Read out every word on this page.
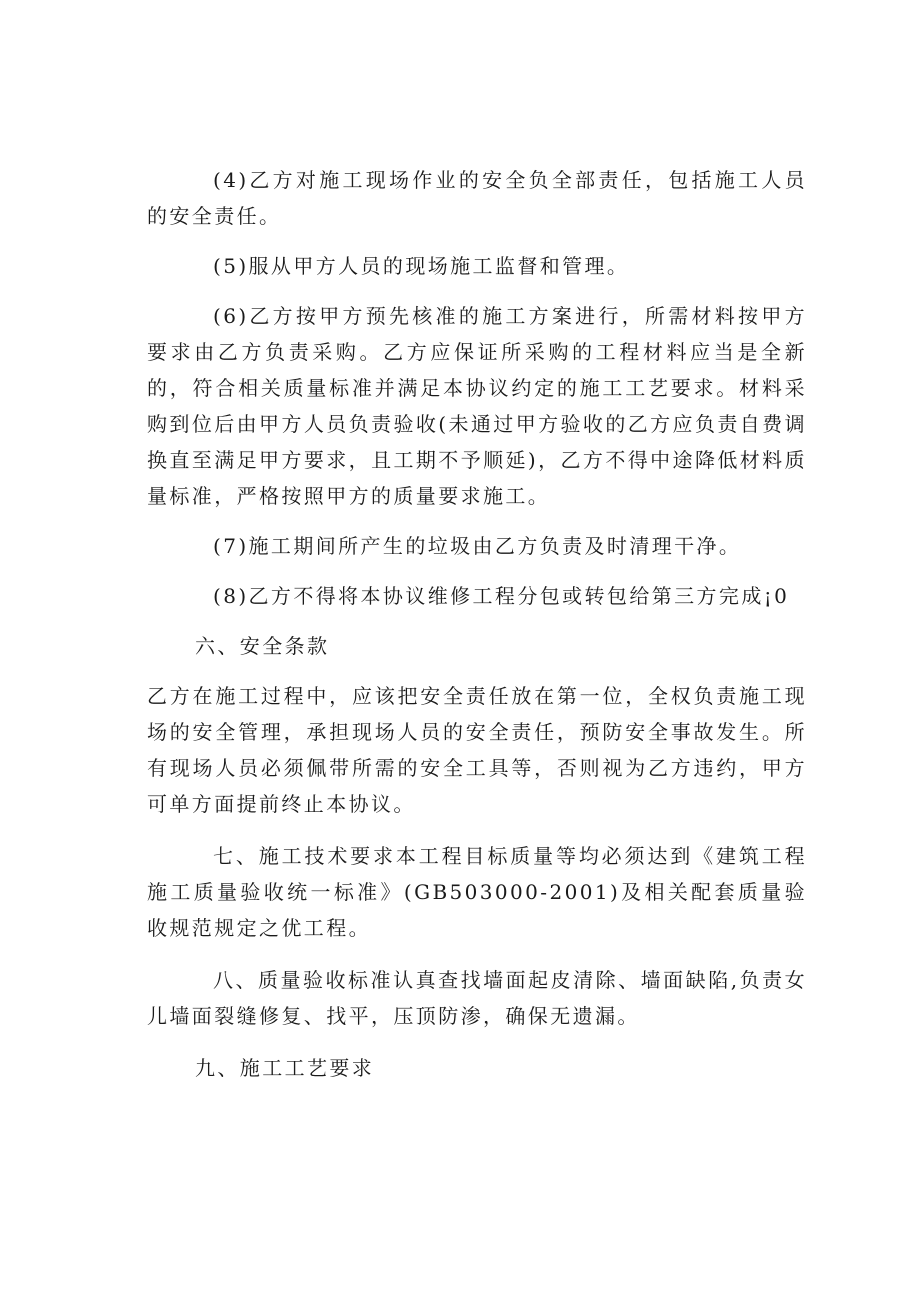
(4)乙方对施工现场作业的安全负全部责任，包括施工人员的安全责任。

(5)服从甲方人员的现场施工监督和管理。

(6)乙方按甲方预先核准的施工方案进行，所需材料按甲方要求由乙方负责采购。乙方应保证所采购的工程材料应当是全新的，符合相关质量标准并满足本协议约定的施工工艺要求。材料采购到位后由甲方人员负责验收(未通过甲方验收的乙方应负责自费调换直至满足甲方要求，且工期不予顺延)，乙方不得中途降低材料质量标准，严格按照甲方的质量要求施工。

(7)施工期间所产生的垃圾由乙方负责及时清理干净。

(8)乙方不得将本协议维修工程分包或转包给第三方完成¡0

六、安全条款

乙方在施工过程中，应该把安全责任放在第一位，全权负责施工现场的安全管理，承担现场人员的安全责任，预防安全事故发生。所有现场人员必须佩带所需的安全工具等，否则视为乙方违约，甲方可单方面提前终止本协议。

七、施工技术要求本工程目标质量等均必须达到《建筑工程施工质量验收统一标准》(GB503000-2001)及相关配套质量验收规范规定之优工程。

八、质量验收标准认真查找墙面起皮清除、墙面缺陷,负责女儿墙面裂缝修复、找平，压顶防渗，确保无遗漏。

九、施工工艺要求
